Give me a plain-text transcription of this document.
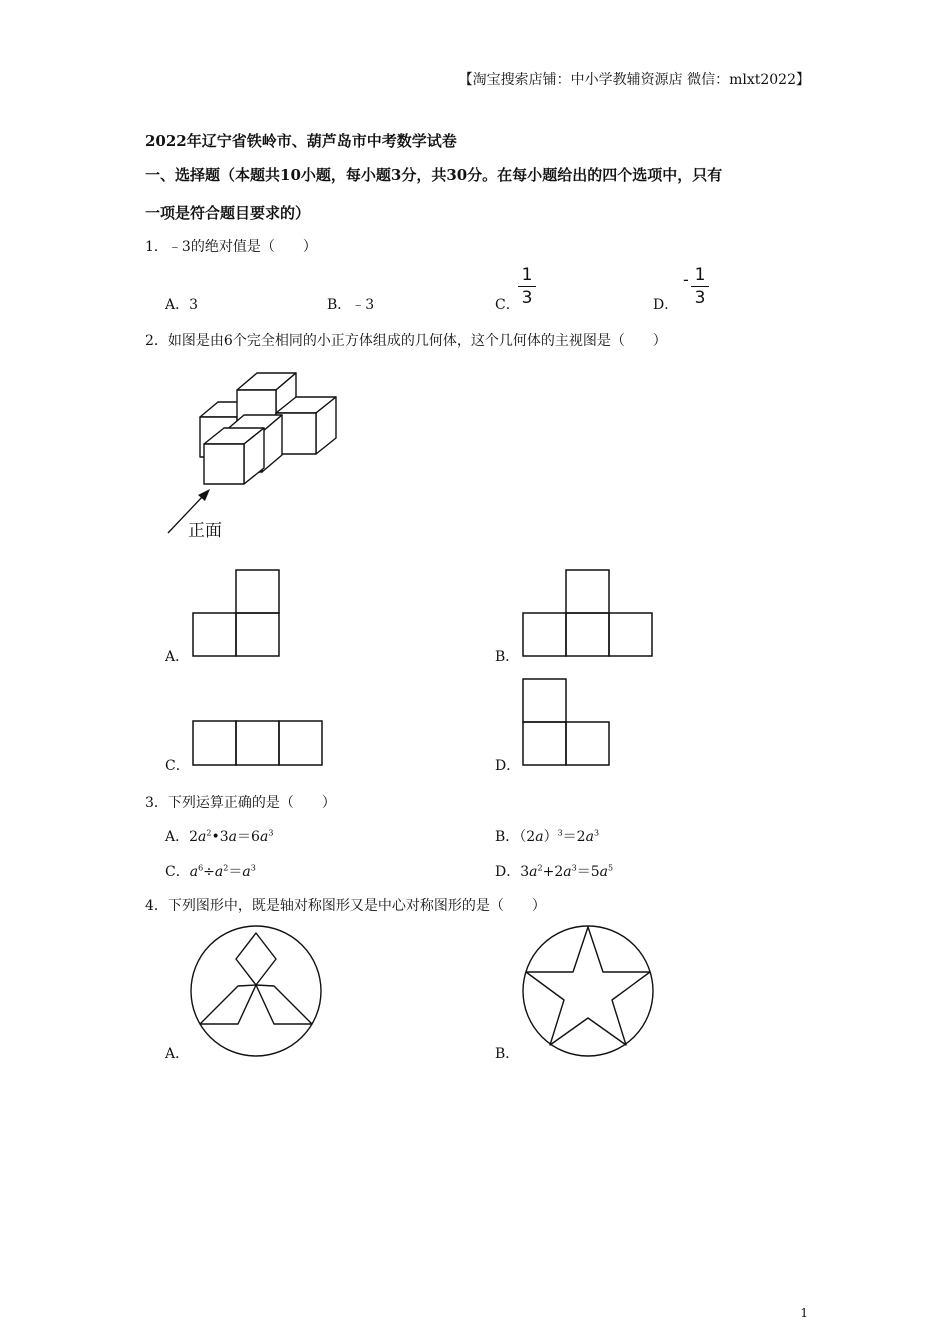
【淘宝搜索店铺：中小学教辅资源店 微信：mlxt2022】
2022年辽宁省铁岭市、葫芦岛市中考数学试卷
一、选择题（本题共10小题，每小题3分，共30分。在每小题给出的四个选项中，只有
一项是符合题目要求的）
1．﹣3的绝对值是（　　）
A．3	B．﹣3	C．
1
3	D．
- 1
3
2．如图是由6个完全相同的小正方体组成的几何体，这个几何体的主视图是（　　）
正面
A．	B．
C．	D．
3．下列运算正确的是（　　）
A．$2a^2•3a=6a^3$	B．$(2a)^3=2a^3$
C．$a^6\div a^2=a^3$	D．$3a^2+2a^3=5a^5$
4．下列图形中，既是轴对称图形又是中心对称图形的是（　　）
A．	B．
1
